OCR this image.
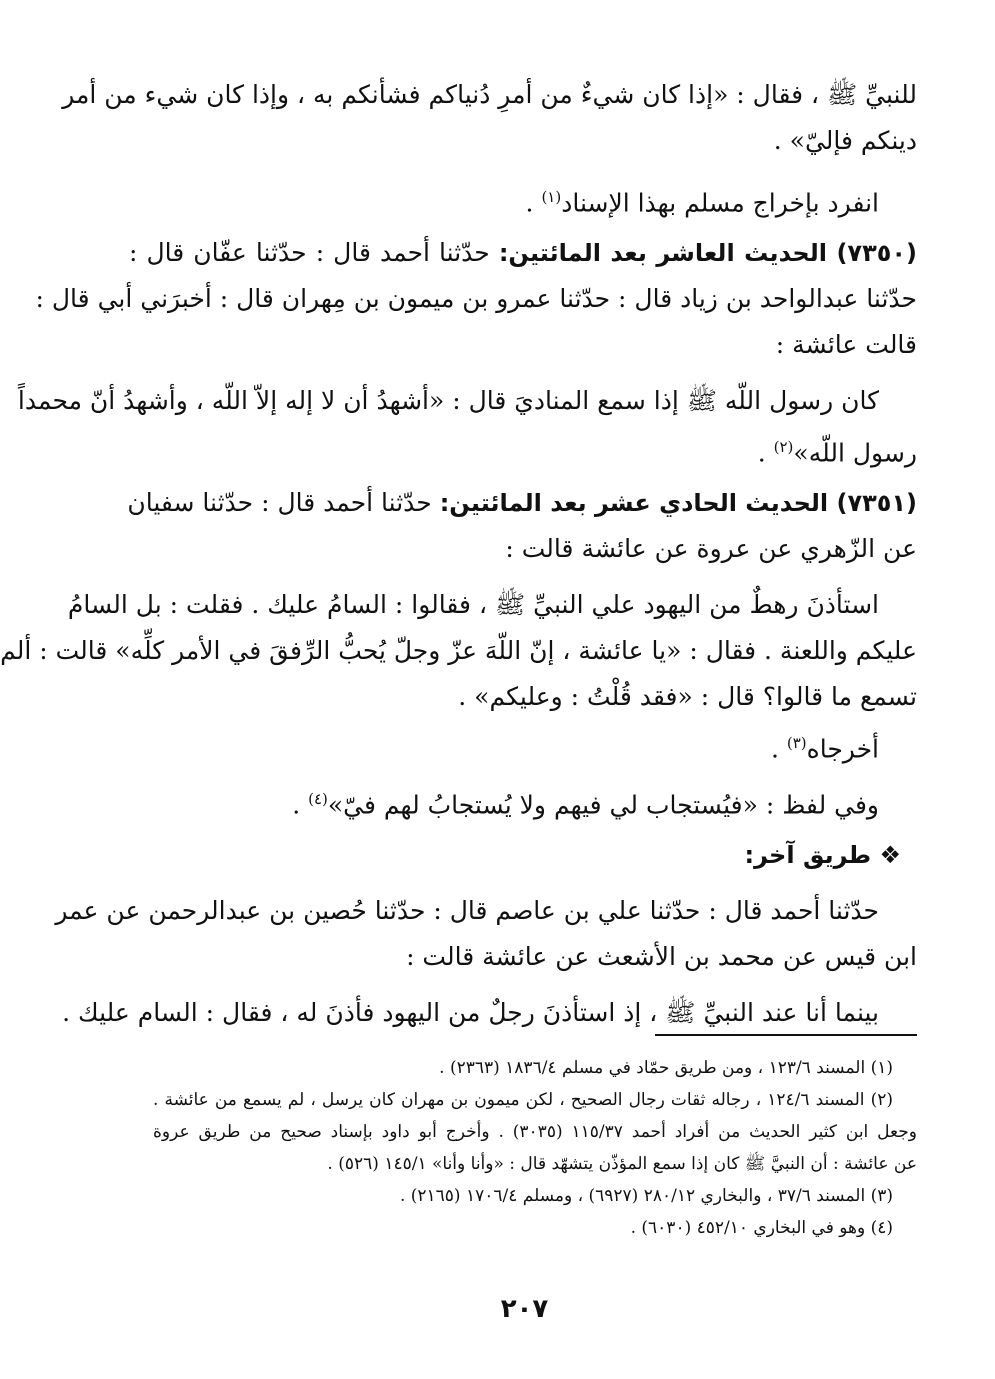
للنبيِّ ﷺ ، فقال : «إذا كان شيءٌ من أمرِ دُنياكم فشأنكم به ، وإذا كان شيء من أمر
دينكم فإليّ» .
انفرد بإخراج مسلم بهذا الإسناد$^{(١)}$ .
(٧٣٥٠) الحديث العاشر بعد المائتين: حدّثنا أحمد قال : حدّثنا عفّان قال :
حدّثنا عبدالواحد بن زياد قال : حدّثنا عمرو بن ميمون بن مِهران قال : أخبرَني أبي قال :
قالت عائشة :
كان رسول اللّه ﷺ إذا سمع المناديَ قال : «أشهدُ أن لا إله إلاّ اللّه ، وأشهدُ أنّ محمداً
رسول اللّه»$^{(٢)}$ .
(٧٣٥١) الحديث الحادي عشر بعد المائتين: حدّثنا أحمد قال : حدّثنا سفيان
عن الزّهري عن عروة عن عائشة قالت :
استأذنَ رهطٌ من اليهود علي النبيِّ ﷺ ، فقالوا : السامُ عليك . فقلت : بل السامُ
عليكم واللعنة . فقال : «يا عائشة ، إنّ اللّهَ عزّ وجلّ يُحبُّ الرِّفقَ في الأمر كلِّه» قالت : ألم
تسمع ما قالوا؟ قال : «فقد قُلْتُ : وعليكم» .
أخرجاه$^{(٣)}$ .
وفي لفظ : «فيُستجاب لي فيهم ولا يُستجابُ لهم فيّ»$^{(٤)}$ .
❖ طريق آخر:
حدّثنا أحمد قال : حدّثنا علي بن عاصم قال : حدّثنا حُصين بن عبدالرحمن عن عمر
ابن قيس عن محمد بن الأشعث عن عائشة قالت :
بينما أنا عند النبيِّ ﷺ ، إذ استأذنَ رجلٌ من اليهود فأذنَ له ، فقال : السام عليك .
(١) المسند ١٢٣/٦ ، ومن طريق حمّاد في مسلم ١٨٣٦/٤ (٢٣٦٣) .
(٢) المسند ١٢٤/٦ ، رجاله ثقات رجال الصحيح ، لكن ميمون بن مهران كان يرسل ، لم يسمع من عائشة .
وجعل ابن كثير الحديث من أفراد أحمد ١١٥/٣٧ (٣٠٣٥) . وأخرج أبو داود بإسناد صحيح من طريق عروة
عن عائشة : أن النبيَّ ﷺ كان إذا سمع المؤذّن يتشهّد قال : «وأنا وأنا» ١٤٥/١ (٥٢٦) .
(٣) المسند ٣٧/٦ ، والبخاري ٢٨٠/١٢ (٦٩٢٧) ، ومسلم ١٧٠٦/٤ (٢١٦٥) .
(٤) وهو في البخاري ٤٥٢/١٠ (٦٠٣٠) .
٢٠٧
